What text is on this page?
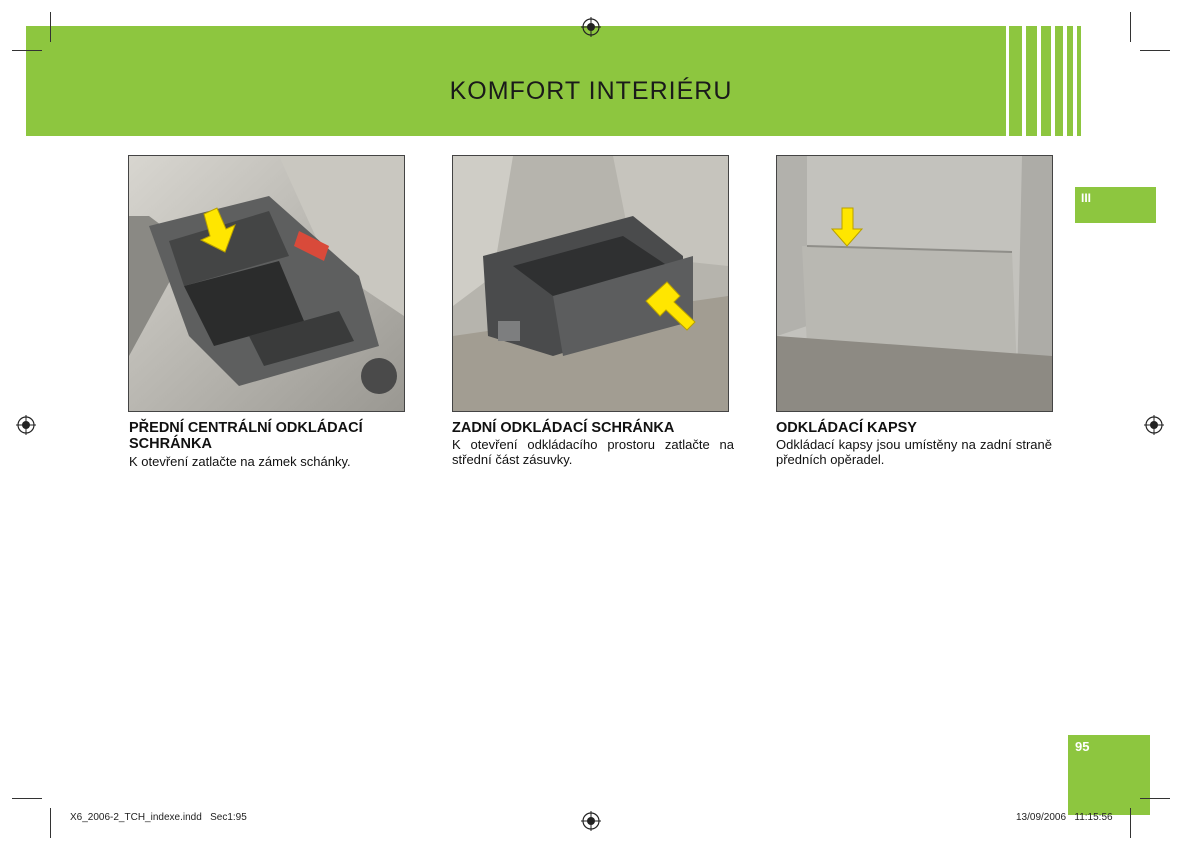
KOMFORT INTERIÉRU
III
95
PŘEDNÍ CENTRÁLNÍ ODKLÁDACÍ SCHRÁNKA
K otevření zatlačte na zámek schánky.
ZADNÍ ODKLÁDACÍ SCHRÁNKA
K otevření odkládacího prostoru zatlačte na střední část zásuvky.
ODKLÁDACÍ KAPSY
Odkládací kapsy jsou umístěny na zadní straně předních opěradel.
X6_2006-2_TCH_indexe.indd   Sec1:95	13/09/2006   11:15:56
